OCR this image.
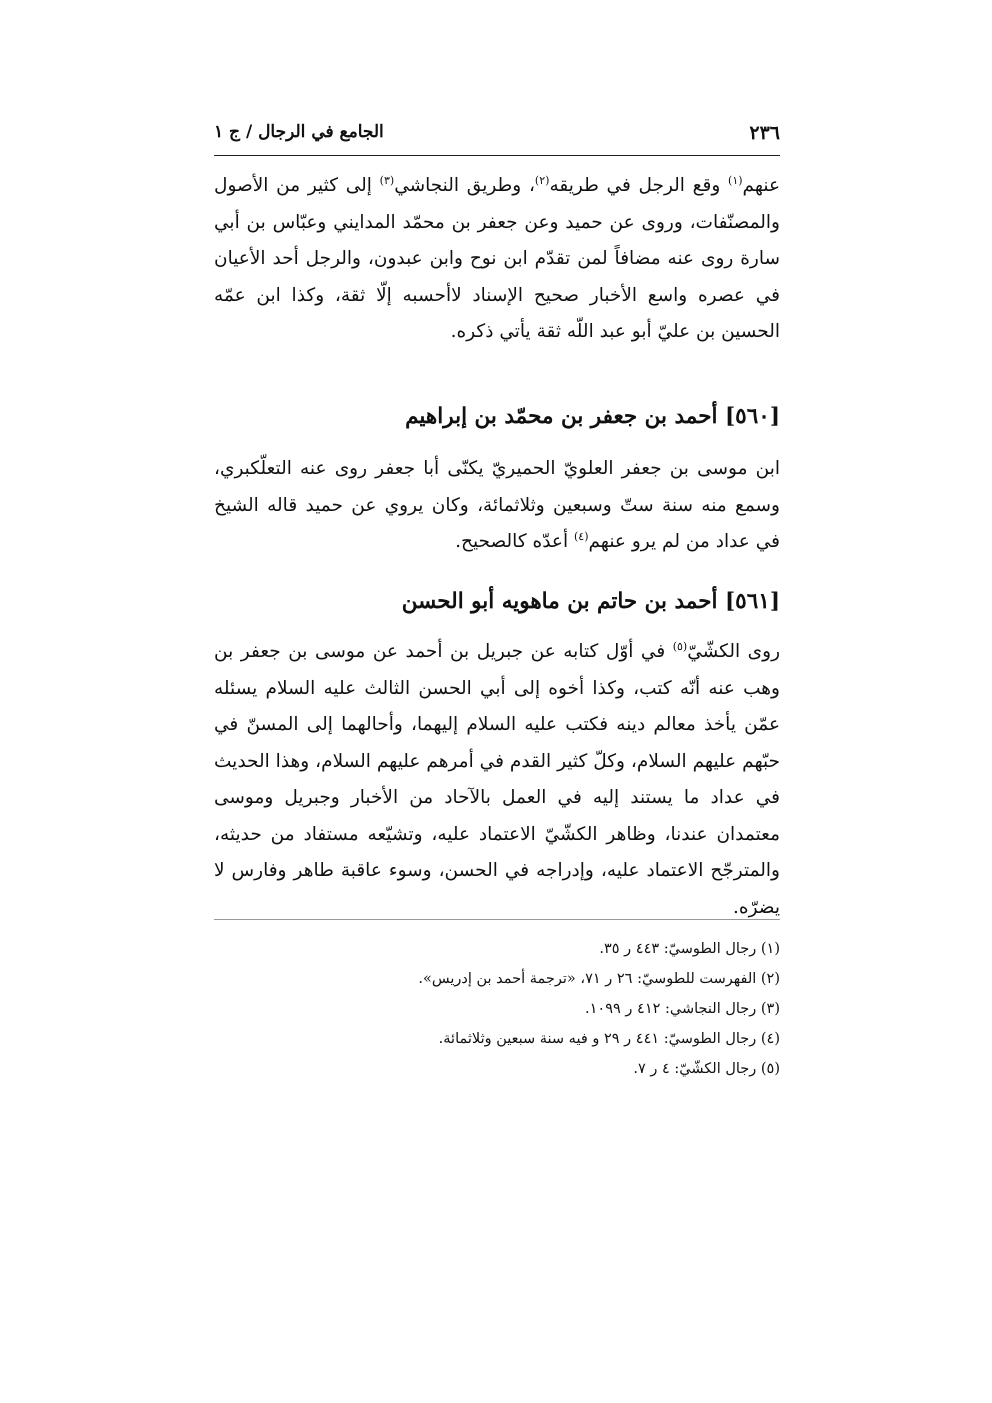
٢٣٦
الجامع في الرجال / ج ١

عنهم$^{(١)}$ وقع الرجل في طريقه$^{(٢)}$، وطريق النجاشي$^{(٣)}$ إلى كثير من الأصول والمصنّفات، وروى عن حميد وعن جعفر بن محمّد المدايني وعبّاس بن أبي سارة روى عنه مضافاً لمن تقدّم ابن نوح وابن عبدون، والرجل أحد الأعيان في عصره واسع الأخبار صحيح الإسناد لاأحسبه إلّا ثقة، وكذا ابن عمّه الحسين بن عليّ أبو عبد اللّه ثقة يأتي ذكره.

[٥٦٠] أحمد بن جعفر بن محمّد بن إبراهيم

ابن موسى بن جعفر العلويّ الحميريّ يكنّى أبا جعفر روى عنه التعلّكبري، وسمع منه سنة ستّ وسبعين وثلاثمائة، وكان يروي عن حميد قاله الشيخ في عداد من لم يرو عنهم$^{(٤)}$ أعدّه كالصحيح.

[٥٦١] أحمد بن حاتم بن ماهويه أبو الحسن

روى الكشّيّ$^{(٥)}$ في أوّل كتابه عن جبريل بن أحمد عن موسى بن جعفر بن وهب عنه أنّه كتب، وكذا أخوه إلى أبي الحسن الثالث عليه السلام يسئله عمّن يأخذ معالم دينه فكتب عليه السلام إليهما، وأحالهما إلى المسنّ في حبّهم عليهم السلام، وكلّ كثير القدم في أمرهم عليهم السلام، وهذا الحديث في عداد ما يستند إليه في العمل بالآحاد من الأخبار وجبريل وموسى معتمدان عندنا، وظاهر الكشّيّ الاعتماد عليه، وتشيّعه مستفاد من حديثه، والمترجّح الاعتماد عليه، وإدراجه في الحسن، وسوء عاقبة طاهر وفارس لا يضرّه.

(١) رجال الطوسيّ: ٤٤٣ ر ٣٥.
(٢) الفهرست للطوسيّ: ٢٦ ر ٧١، «ترجمة أحمد بن إدريس».
(٣) رجال النجاشي: ٤١٢ ر ١٠٩٩.
(٤) رجال الطوسيّ: ٤٤١ ر ٢٩ و فيه سنة سبعين وثلاثمائة.
(٥) رجال الكشّيّ: ٤ ر ٧.
